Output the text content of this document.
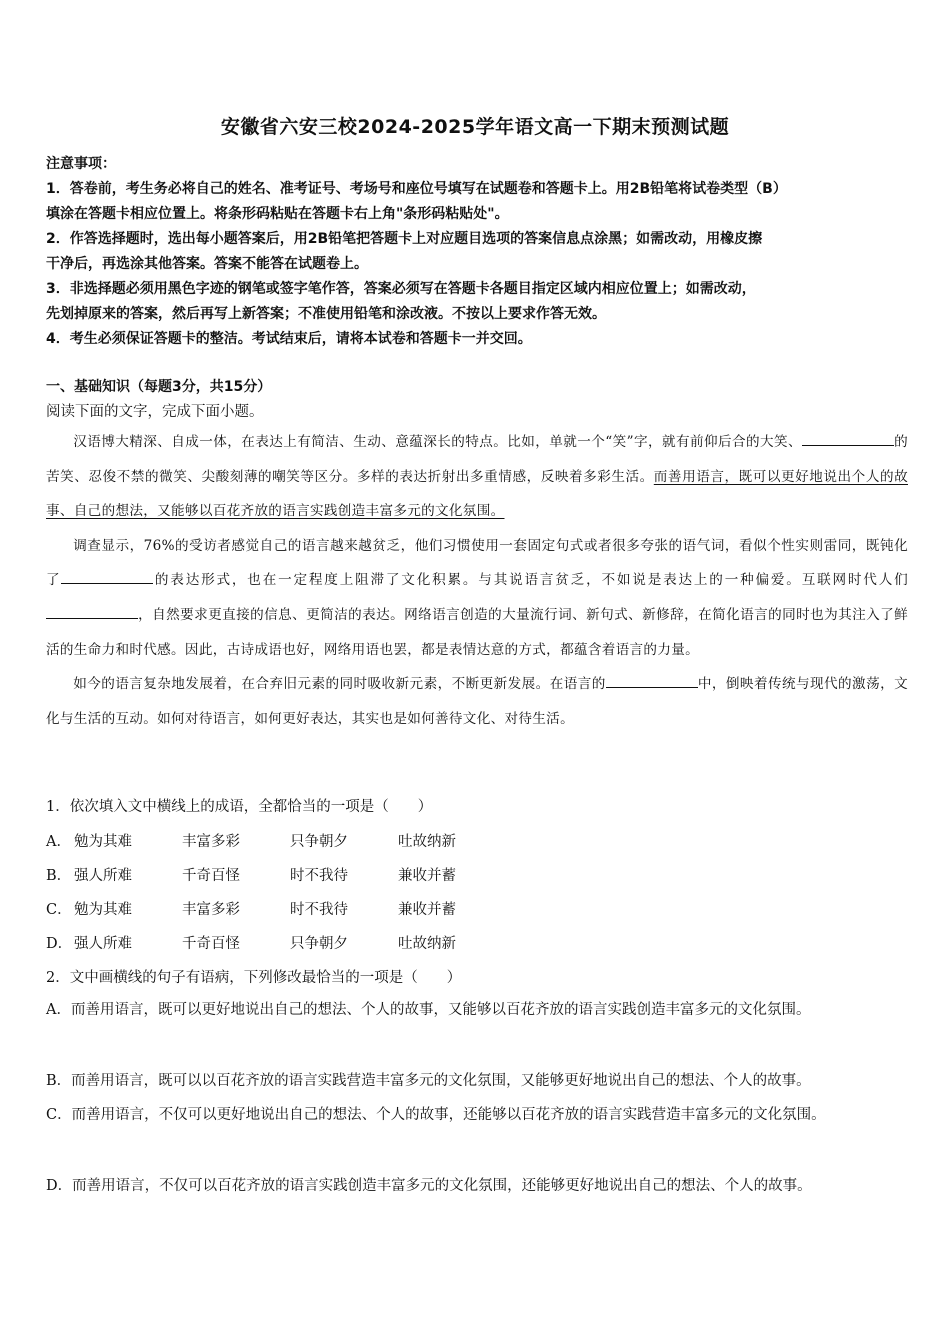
安徽省六安三校2024-2025学年语文高一下期末预测试题
注意事项：
1．答卷前，考生务必将自己的姓名、准考证号、考场号和座位号填写在试题卷和答题卡上。用2B铅笔将试卷类型（B）
填涂在答题卡相应位置上。将条形码粘贴在答题卡右上角"条形码粘贴处"。
2．作答选择题时，选出每小题答案后，用2B铅笔把答题卡上对应题目选项的答案信息点涂黑；如需改动，用橡皮擦
干净后，再选涂其他答案。答案不能答在试题卷上。
3．非选择题必须用黑色字迹的钢笔或签字笔作答，答案必须写在答题卡各题目指定区域内相应位置上；如需改动，
先划掉原来的答案，然后再写上新答案；不准使用铅笔和涂改液。不按以上要求作答无效。
4．考生必须保证答题卡的整洁。考试结束后，请将本试卷和答题卡一并交回。
一、基础知识（每题3分，共15分）
阅读下面的文字，完成下面小题。

汉语博大精深、自成一体，在表达上有简洁、生动、意蕴深长的特点。比如，单就一个“笑”字，就有前仰后合的大笑、	的苦笑、忍俊不禁的微笑、尖酸刻薄的嘲笑等区分。多样的表达折射出多重情感，反映着多彩生活。而善用语言，既可以更好地说出个人的故事、自己的想法，又能够以百花齐放的语言实践创造丰富多元的文化氛围。

调查显示，76%的受访者感觉自己的语言越来越贫乏，他们习惯使用一套固定句式或者很多夸张的语气词，看似个性实则雷同，既钝化了	的表达形式，也在一定程度上阻滞了文化积累。与其说语言贫乏，不如说是表达上的一种偏爱。互联网时代人们，自然要求更直接的信息、更简洁的表达。网络语言创造的大量流行词、新句式、新修辞，在简化语言的同时也为其注入了鲜活的生命力和时代感。因此，古诗成语也好，网络用语也罢，都是表情达意的方式，都蕴含着语言的力量。

如今的语言复杂地发展着，在合弃旧元素的同时吸收新元素，不断更新发展。在语言的	中，倒映着传统与现代的激荡，文化与生活的互动。如何对待语言，如何更好表达，其实也是如何善待文化、对待生活。

1．依次填入文中横线上的成语，全都恰当的一项是（　　）
A． 勉为其难	丰富多彩	只争朝夕	吐故纳新
B． 强人所难	千奇百怪	时不我待	兼收并蓄
C． 勉为其难	丰富多彩	时不我待	兼收并蓄
D． 强人所难	千奇百怪	只争朝夕	吐故纳新
2．文中画横线的句子有语病，下列修改最恰当的一项是（　　）
A．而善用语言，既可以更好地说出自己的想法、个人的故事，又能够以百花齐放的语言实践创造丰富多元的文化氛围。
B．而善用语言，既可以以百花齐放的语言实践营造丰富多元的文化氛围，又能够更好地说出自己的想法、个人的故事。
C．而善用语言，不仅可以更好地说出自己的想法、个人的故事，还能够以百花齐放的语言实践营造丰富多元的文化氛围。
D．而善用语言，不仅可以百花齐放的语言实践创造丰富多元的文化氛围，还能够更好地说出自己的想法、个人的故事。
